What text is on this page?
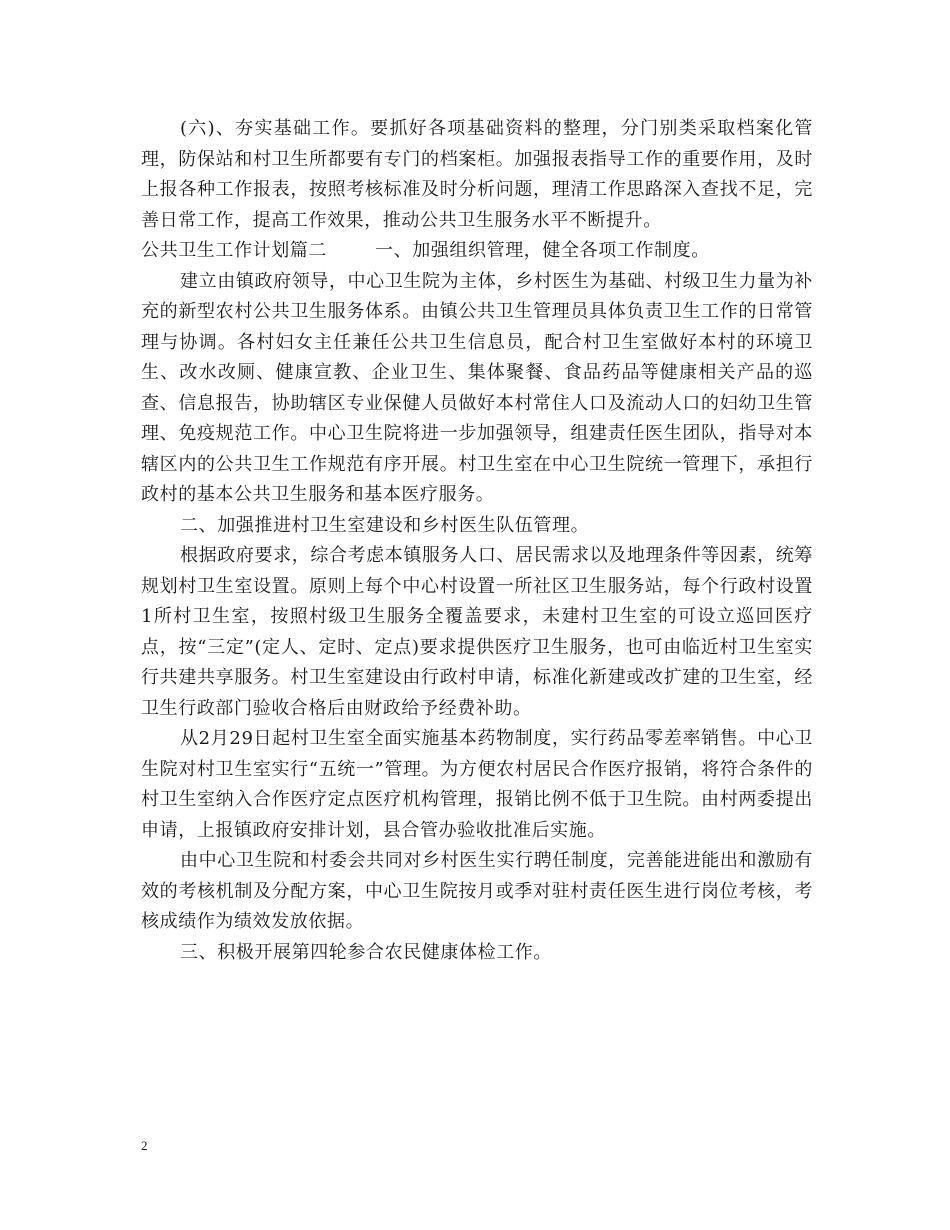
(六)、夯实基础工作。要抓好各项基础资料的整理，分门别类采取档案化管理，防保站和村卫生所都要有专门的档案柜。加强报表指导工作的重要作用，及时上报各种工作报表，按照考核标准及时分析问题，理清工作思路深入查找不足，完善日常工作，提高工作效果，推动公共卫生服务水平不断提升。

公共卫生工作计划篇二	一、加强组织管理，健全各项工作制度。

建立由镇政府领导，中心卫生院为主体，乡村医生为基础、村级卫生力量为补充的新型农村公共卫生服务体系。由镇公共卫生管理员具体负责卫生工作的日常管理与协调。各村妇女主任兼任公共卫生信息员，配合村卫生室做好本村的环境卫生、改水改厕、健康宣教、企业卫生、集体聚餐、食品药品等健康相关产品的巡查、信息报告，协助辖区专业保健人员做好本村常住人口及流动人口的妇幼卫生管理、免疫规范工作。中心卫生院将进一步加强领导，组建责任医生团队，指导对本辖区内的公共卫生工作规范有序开展。村卫生室在中心卫生院统一管理下，承担行政村的基本公共卫生服务和基本医疗服务。

二、加强推进村卫生室建设和乡村医生队伍管理。

根据政府要求，综合考虑本镇服务人口、居民需求以及地理条件等因素，统筹规划村卫生室设置。原则上每个中心村设置一所社区卫生服务站，每个行政村设置1所村卫生室，按照村级卫生服务全覆盖要求，未建村卫生室的可设立巡回医疗点，按“三定”(定人、定时、定点)要求提供医疗卫生服务，也可由临近村卫生室实行共建共享服务。村卫生室建设由行政村申请，标准化新建或改扩建的卫生室，经卫生行政部门验收合格后由财政给予经费补助。

从2月29日起村卫生室全面实施基本药物制度，实行药品零差率销售。中心卫生院对村卫生室实行“五统一”管理。为方便农村居民合作医疗报销，将符合条件的村卫生室纳入合作医疗定点医疗机构管理，报销比例不低于卫生院。由村两委提出申请，上报镇政府安排计划，县合管办验收批准后实施。

由中心卫生院和村委会共同对乡村医生实行聘任制度，完善能进能出和激励有效的考核机制及分配方案，中心卫生院按月或季对驻村责任医生进行岗位考核，考核成绩作为绩效发放依据。

三、积极开展第四轮参合农民健康体检工作。

2
